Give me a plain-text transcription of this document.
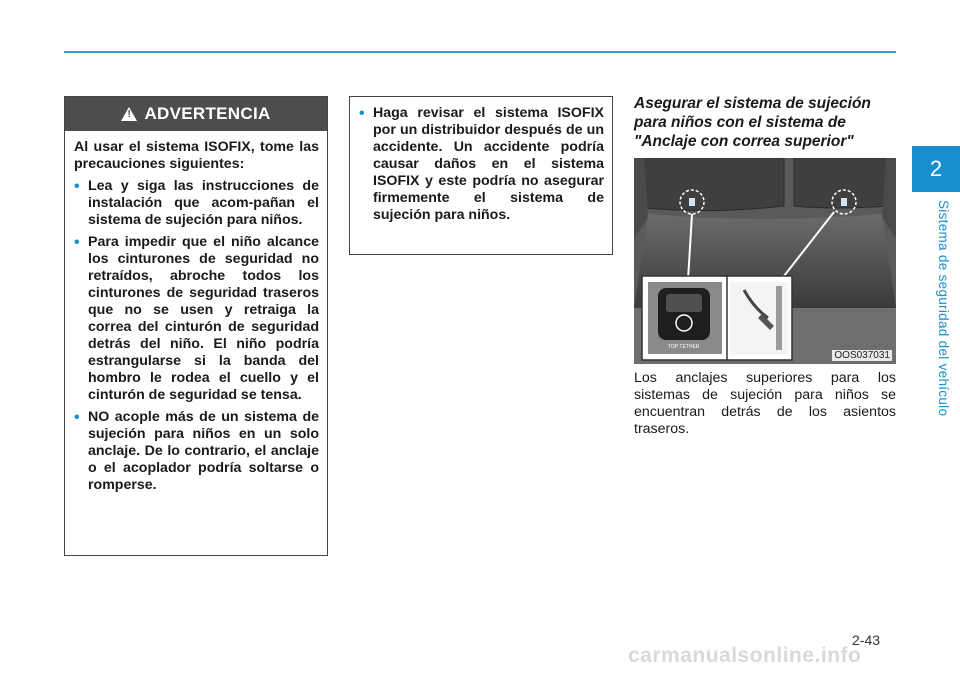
2
Sistema de seguridad del vehículo
!
ADVERTENCIA

Al usar el sistema ISOFIX, tome las precauciones siguientes:

• Lea y siga las instrucciones de instalación que acom-pañan el sistema de sujeción para niños.
• Para impedir que el niño alcance los cinturones de seguridad no retraídos, abroche todos los cinturones de seguridad traseros que no se usen y retraiga la correa del cinturón de seguridad detrás del niño. El niño podría estrangularse si la banda del hombro le rodea el cuello y el cinturón de seguridad se tensa.
• NO acople más de un sistema de sujeción para niños en un solo anclaje. De lo contrario, el anclaje o el acoplador podría soltarse o romperse.
• Haga revisar el sistema ISOFIX por un distribuidor después de un accidente. Un accidente podría causar daños en el sistema ISOFIX y este podría no asegurar firmemente el sistema de sujeción para niños.
Asegurar el sistema de sujeción para niños con el sistema de "Anclaje con correa superior"
TOP TETHER
OOS037031
Los anclajes superiores para los sistemas de sujeción para niños se encuentran detrás de los asientos traseros.
2-43
carmanualsonline.info
